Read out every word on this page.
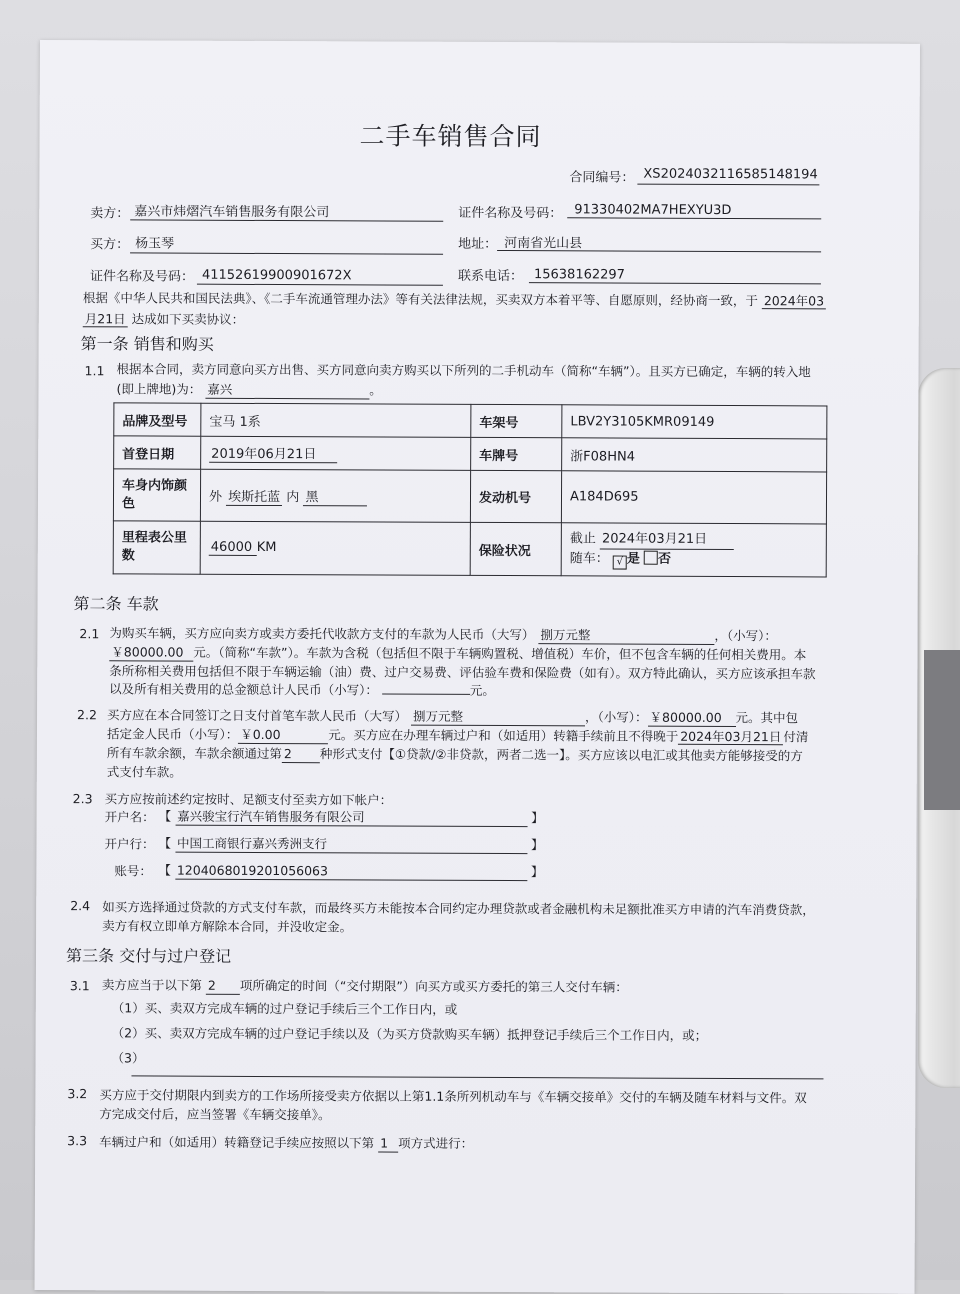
二手车销售合同
合同编号： XS20240321165851481​94
卖方： 嘉兴市炜熠汽车销售服务有限公司	证件名称及号码： 91330402MA7HEXYU3D
买方： 杨玉琴	地址： 河南省光山县
证件名称及号码： 41152619900901672X	联系电话： 15638162297
根据《中华人民共和国民法典》、《二手车流通管理办法》等有关法律法规，买卖双方本着平等、自愿原则，经协商一致，于 2024年03
月21日 达成如下买卖协议：
第一条 销售和购买
1.1 根据本合同，卖方同意向买方出售、买方同意向卖方购买以下所列的二手机动车（简称“车辆”）。且买方已确定，车辆的转入地
(即上牌地)为： 嘉兴	。
品牌及型号	宝马 1系	车架号	LBV2Y3105KMR09149
首登日期	2019年06月21日	车牌号	浙F08HN4
车身内饰颜色	外 埃斯托蓝 内 黑	发动机号	A184D695
里程表公里数	46000 KM	保险状况	截止 2024年03月21日
随车： √ 是 否
第二条 车款
2.1 为购买车辆，买方应向卖方或卖方委托代收款方支付的车款为人民币（大写） 捌万元整	，（小写）：
￥80000.00 元。（简称“车款”）。车款为含税（包括但不限于车辆购置税、增值税）车价，但不包含车辆的任何相关费用。本
条所称相关费用包括但不限于车辆运输（油）费、过户交易费、评估验车费和保险费（如有）。双方特此确认，买方应该承担车款
以及所有相关费用的总金额总计人民币（小写）：	元。
2.2 买方应在本合同签订之日支付首笔车款人民币（大写） 捌万元整	，（小写）： ￥80000.00 元。其中包
括定金人民币（小写）： ￥0.00	元。买方应在办理车辆过户和（如适用）转籍手续前且不得晚于 2024年03月21日 付清
所有车款余额，车款余额通过第 2 种形式支付【①贷款/②非贷款，两者二选一】。买方应该以电汇或其他卖方能够接受的方
式支付车款。
2.3 买方应按前述约定按时、足额支付至卖方如下帐户：
开户名： 【 嘉兴骏宝行汽车销售服务有限公司	】
开户行： 【 中国工商银行嘉兴秀洲支行	】
账号： 【 1204068019201056063	】
2.4 如买方选择通过贷款的方式支付车款，而最终买方未能按本合同约定办理贷款或者金融机构未足额批准买方申请的汽车消费贷款，
卖方有权立即单方解除本合同，并没收定金。
第三条 交付与过户登记
3.1 卖方应当于以下第 2 项所确定的时间（“交付期限”）向买方或买方委托的第三人交付车辆：
（1）买、卖双方完成车辆的过户登记手续后三个工作日内，或
（2）买、卖双方完成车辆的过户登记手续以及（为买方贷款购买车辆）抵押登记手续后三个工作日内，或；
（3）
3.2 买方应于交付期限内到卖方的工作场所接受卖方依据以上第1.1条所列机动车与《车辆交接单》交付的车辆及随车材料与文件。双
方完成交付后，应当签署《车辆交接单》。
3.3 车辆过户和（如适用）转籍登记手续应按照以下第 1 项方式进行：
